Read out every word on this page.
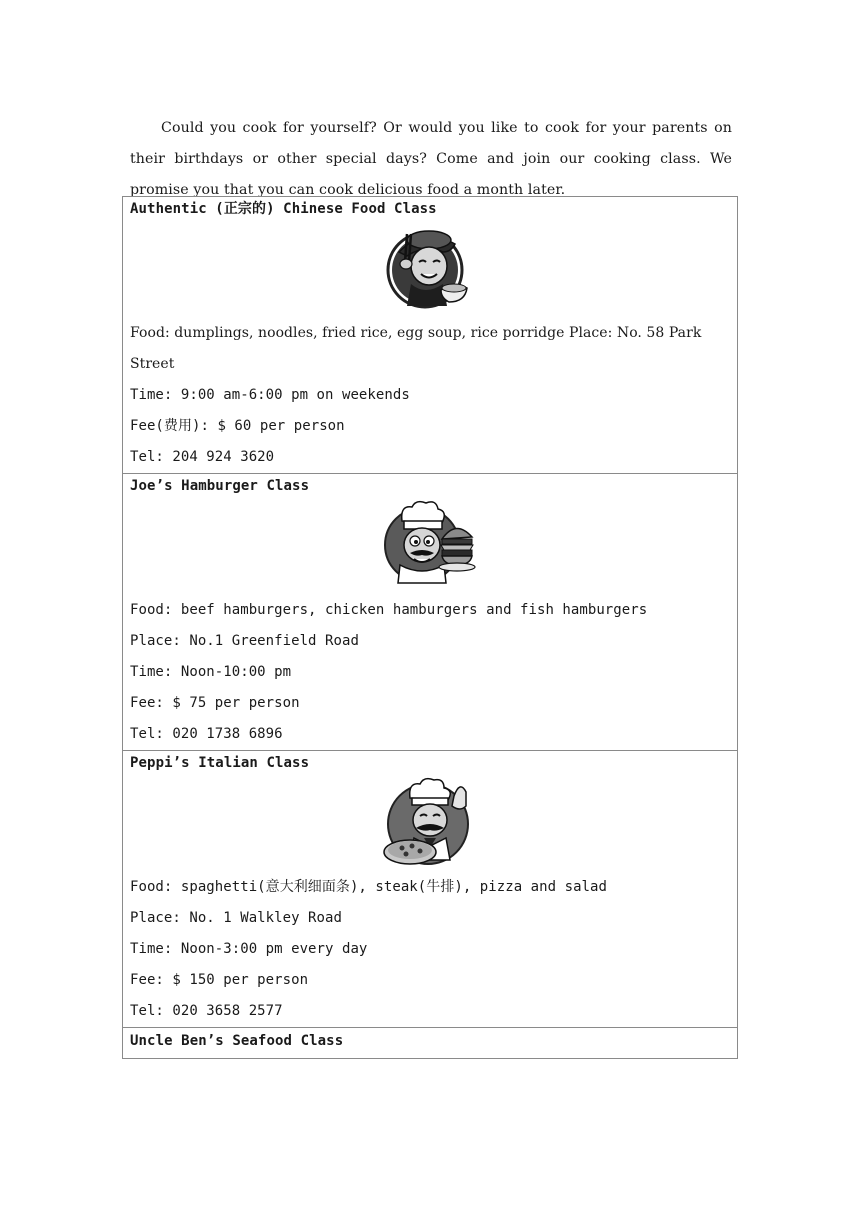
Could you cook for yourself? Or would you like to cook for your parents on their birthdays or other special days? Come and join our cooking class. We promise you that you can cook delicious food a month later.

Authentic (正宗的) Chinese Food Class
Food: dumplings, noodles, fried rice, egg soup, rice porridge Place: No. 58 Park Street
Time: 9:00 am-6:00 pm on weekends
Fee(费用): $ 60 per person
Tel: 204 924 3620

Joe’s Hamburger Class
Food: beef hamburgers, chicken hamburgers and fish hamburgers
Place: No.1 Greenfield Road
Time: Noon-10:00 pm
Fee: $ 75 per person
Tel: 020 1738 6896

Peppi’s Italian Class
Food: spaghetti(意大利细面条), steak(牛排), pizza and salad
Place: No. 1 Walkley Road
Time: Noon-3:00 pm every day
Fee: $ 150 per person
Tel: 020 3658 2577

Uncle Ben’s Seafood Class
